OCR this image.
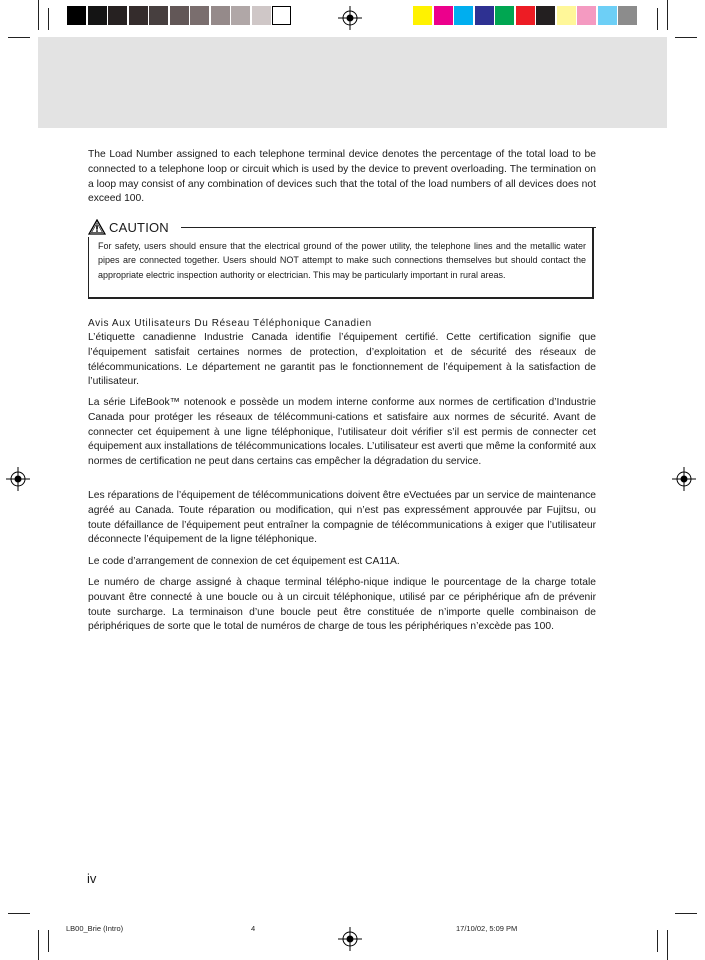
The Load Number assigned to each telephone terminal device denotes the percentage of the total load to be connected to a telephone loop or circuit which is used by the device to prevent overloading. The termination on a loop may consist of any combination of devices such that the total of the load numbers of all devices does not exceed 100.
CAUTION
For safety, users should ensure that the electrical ground of the power utility, the telephone lines and the metallic water pipes are connected together. Users should NOT attempt to make such connections themselves but should contact the appropriate electric inspection authority or electrician. This may be particularly important in rural areas.
Avis Aux Utilisateurs Du Réseau Téléphonique Canadien
L’étiquette canadienne Industrie Canada identifie l’équipement certifié. Cette certification signifie que l’équipement satisfait certaines normes de protection, d’exploitation et de sécurité des réseaux de télécommunications. Le département ne garantit pas le fonctionnement de l’équipement à la satisfaction de l’utilisateur.
La série LifeBook™ notenook e possède un modem interne conforme aux normes de certification d’Industrie Canada pour protéger les réseaux de télécommuni-cations et satisfaire aux normes de sécurité. Avant de connecter cet équipement à une ligne téléphonique, l’utilisateur doit vérifier s’il est permis de connecter cet équipement aux installations de télécommunications locales. L’utilisateur est averti que même la conformité aux normes de certification ne peut dans certains cas empêcher la dégradation du service.
Les réparations de l’équipement de télécommunications doivent être eVectuées par un service de maintenance agréé au Canada. Toute réparation ou modification, qui n’est pas expressément approuvée par Fujitsu, ou toute défaillance de l’équipement peut entraîner la compagnie de télécommunications à exiger que l’utilisateur déconnecte l’équipement de la ligne téléphonique.
Le code d’arrangement de connexion de cet équipement est CA11A.
Le numéro de charge assigné à chaque terminal télépho-nique indique le pourcentage de la charge totale pouvant être connecté à une boucle ou à un circuit téléphonique, utilisé par ce périphérique afn de prévenir toute surcharge. La terminaison d’une boucle peut être constituée de n’importe quelle combinaison de périphériques de sorte que le total de numéros de charge de tous les périphériques n’excède pas 100.
iv
LB00_Brie (Intro)	4	17/10/02, 5:09 PM
